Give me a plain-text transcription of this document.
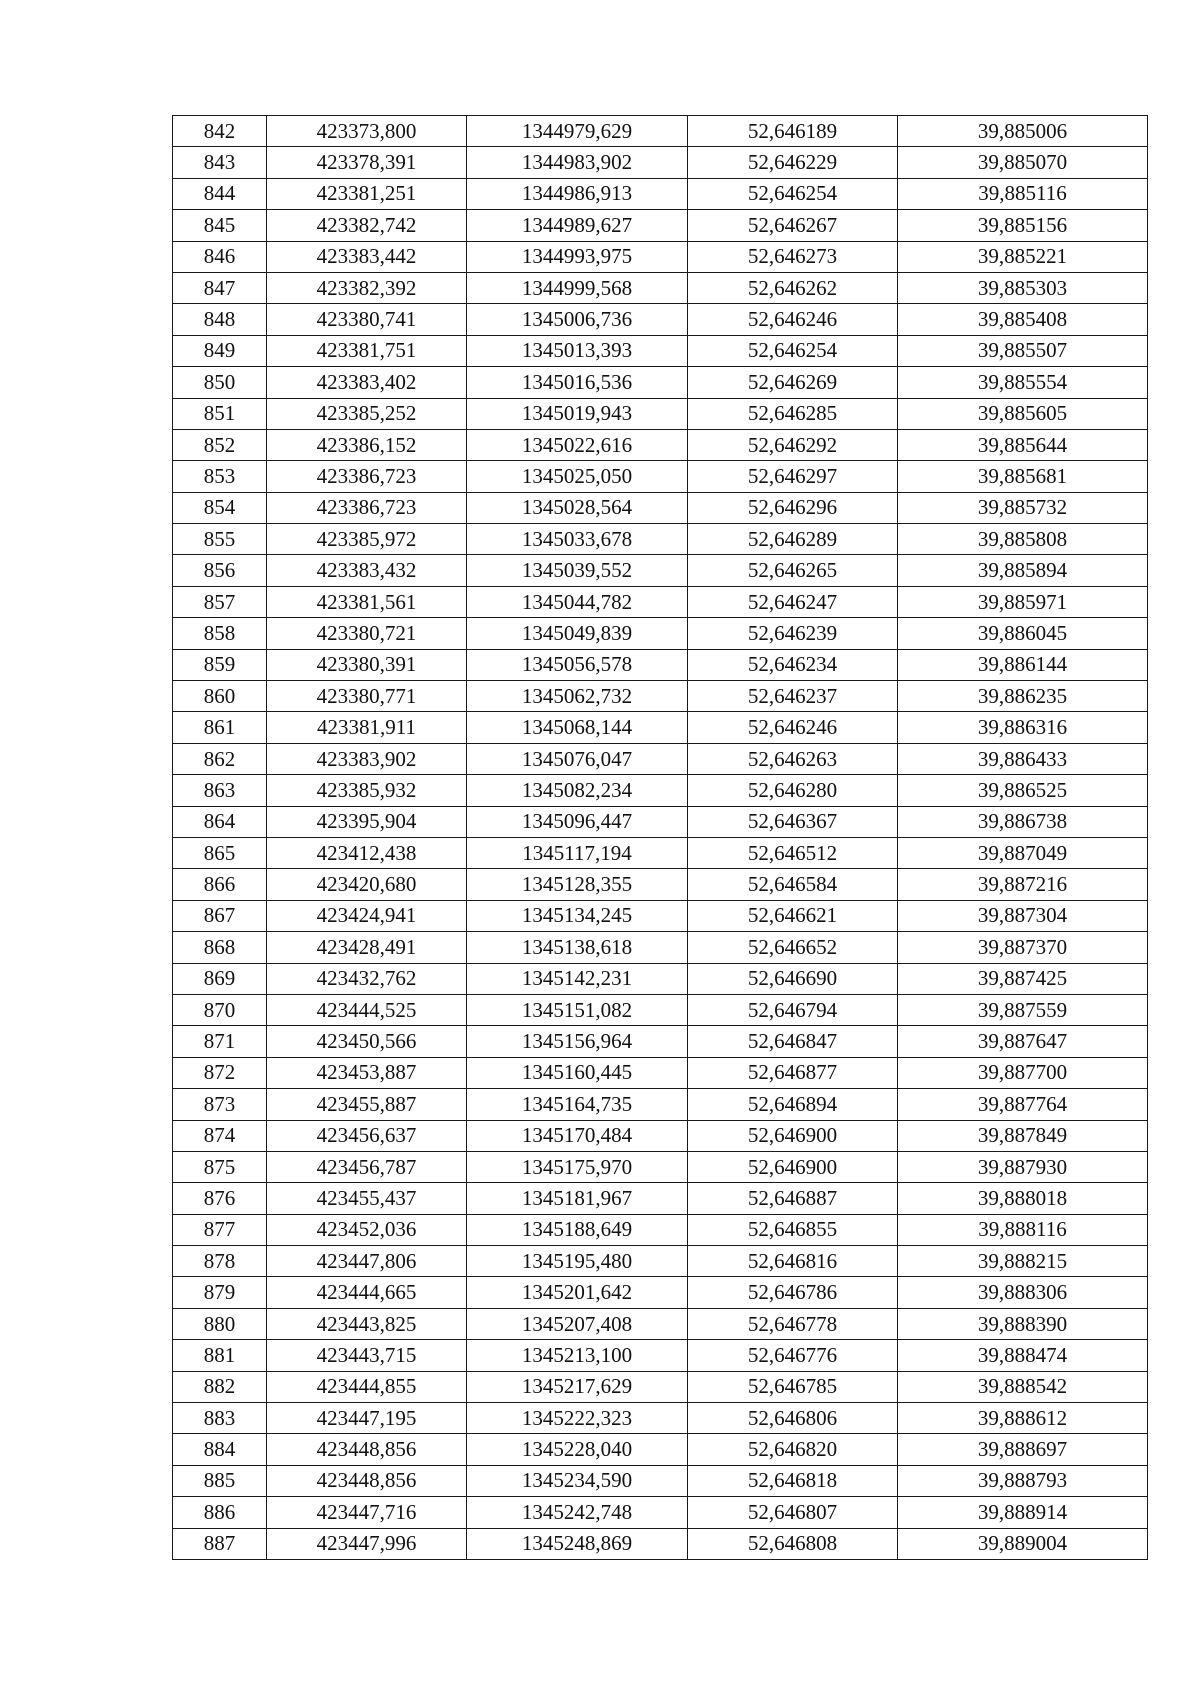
842	423373,800	1344979,629	52,646189	39,885006
843	423378,391	1344983,902	52,646229	39,885070
844	423381,251	1344986,913	52,646254	39,885116
845	423382,742	1344989,627	52,646267	39,885156
846	423383,442	1344993,975	52,646273	39,885221
847	423382,392	1344999,568	52,646262	39,885303
848	423380,741	1345006,736	52,646246	39,885408
849	423381,751	1345013,393	52,646254	39,885507
850	423383,402	1345016,536	52,646269	39,885554
851	423385,252	1345019,943	52,646285	39,885605
852	423386,152	1345022,616	52,646292	39,885644
853	423386,723	1345025,050	52,646297	39,885681
854	423386,723	1345028,564	52,646296	39,885732
855	423385,972	1345033,678	52,646289	39,885808
856	423383,432	1345039,552	52,646265	39,885894
857	423381,561	1345044,782	52,646247	39,885971
858	423380,721	1345049,839	52,646239	39,886045
859	423380,391	1345056,578	52,646234	39,886144
860	423380,771	1345062,732	52,646237	39,886235
861	423381,911	1345068,144	52,646246	39,886316
862	423383,902	1345076,047	52,646263	39,886433
863	423385,932	1345082,234	52,646280	39,886525
864	423395,904	1345096,447	52,646367	39,886738
865	423412,438	1345117,194	52,646512	39,887049
866	423420,680	1345128,355	52,646584	39,887216
867	423424,941	1345134,245	52,646621	39,887304
868	423428,491	1345138,618	52,646652	39,887370
869	423432,762	1345142,231	52,646690	39,887425
870	423444,525	1345151,082	52,646794	39,887559
871	423450,566	1345156,964	52,646847	39,887647
872	423453,887	1345160,445	52,646877	39,887700
873	423455,887	1345164,735	52,646894	39,887764
874	423456,637	1345170,484	52,646900	39,887849
875	423456,787	1345175,970	52,646900	39,887930
876	423455,437	1345181,967	52,646887	39,888018
877	423452,036	1345188,649	52,646855	39,888116
878	423447,806	1345195,480	52,646816	39,888215
879	423444,665	1345201,642	52,646786	39,888306
880	423443,825	1345207,408	52,646778	39,888390
881	423443,715	1345213,100	52,646776	39,888474
882	423444,855	1345217,629	52,646785	39,888542
883	423447,195	1345222,323	52,646806	39,888612
884	423448,856	1345228,040	52,646820	39,888697
885	423448,856	1345234,590	52,646818	39,888793
886	423447,716	1345242,748	52,646807	39,888914
887	423447,996	1345248,869	52,646808	39,889004
